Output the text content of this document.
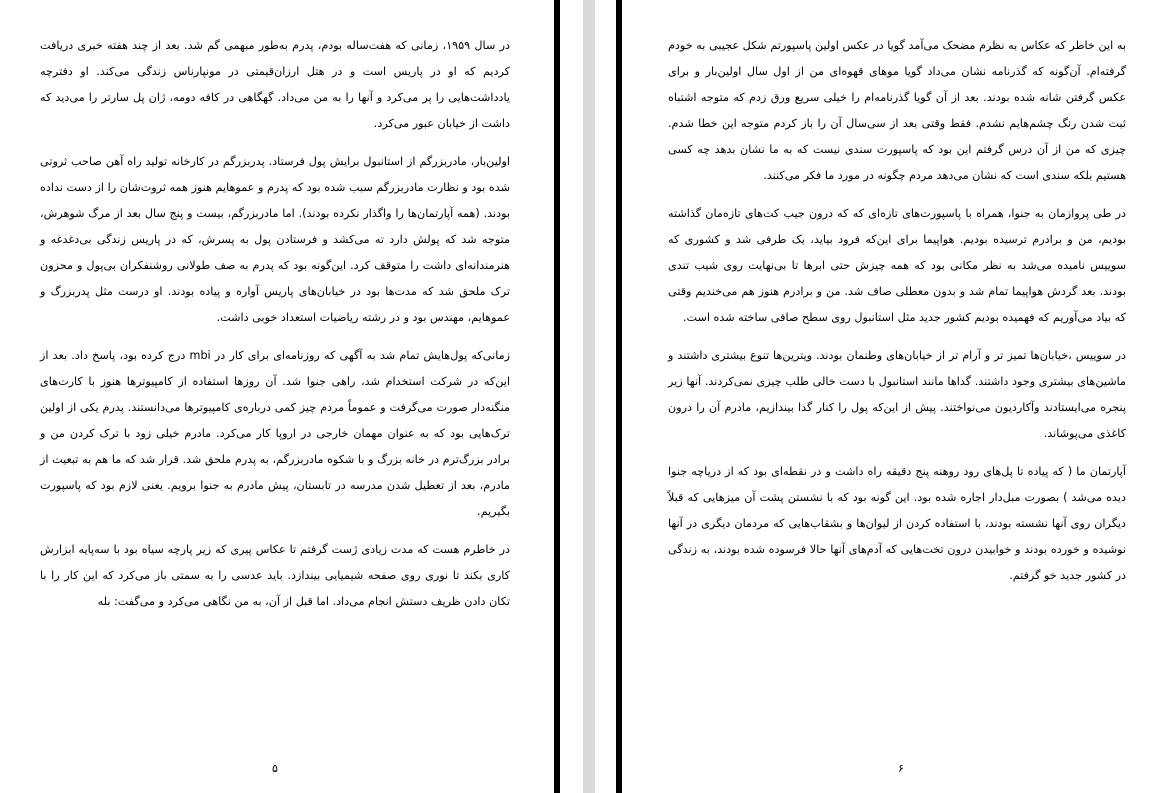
در سال ۱۹۵۹، زمانی که هفت‌ساله بودم، پدرم به‌طور مبهمی گم شد. بعد از چند هفته خبری دریافت کردیم که او در پاریس است و در هتل ارزان‌قیمتی در مونپارناس زندگی می‌کند. او دفترچه یادداشت‌هایی را پر می‌کرد و آنها را به من می‌داد. گهگاهی در کافه دومه، ژان پل سارتر را می‌دید که داشت از خیابان عبور می‌کرد.

اولین‌بار، مادربزرگم از استانبول برایش پول فرستاد. پدربزرگم در کارخانه تولید راه آهن صاحب ثروتی شده بود و نظارت مادربزرگم سبب شده بود که پدرم و عموهایم هنوز همه ثروت‌شان را از دست نداده بودند. (همه آپارتمان‌ها را واگذار نکرده بودند). اما مادربزرگم، بیست و پنج سال بعد از مرگ شوهرش، متوجه شد که پولش دارد ته می‌کشد و فرستادن پول به پسرش، که در پاریس زندگی بی‌دغدغه و هنرمندانه‌ای داشت را متوقف کرد. این‌گونه بود که پدرم به صف طولانی روشنفکران بی‌پول و محزون ترک ملحق شد که مدت‌ها بود در خیابان‌های پاریس آواره و پیاده بودند. او درست مثل پدربزرگ و عموهایم، مهندس بود و در رشته ریاضیات استعداد خوبی داشت.

زمانی‌که پول‌هایش تمام شد به آگهی که روزنامه‌ای برای کار در mbi درج کرده بود، پاسخ داد. بعد از این‌که در شرکت استخدام شد، راهی جنوا شد. آن روزها استفاده از کامپیوترها هنوز با کارت‌های منگنه‌دار صورت می‌گرفت و عموماً مردم چیز کمی درباره‌ی کامپیوترها می‌دانستند. پدرم یکی از اولین ترک‌هایی بود که به عنوان مهمان خارجی در اروپا کار می‌کرد. مادرم خیلی زود با ترک کردن من و برادر بزرگ‌ترم در خانه بزرگ و با شکوه مادربزرگم، به پدرم ملحق شد. قرار شد که ما هم به تبعیت از مادرم، بعد از تعطیل شدن مدرسه در تابستان، پیش مادرم به جنوا برویم. یعنی لازم بود که پاسپورت بگیریم.

در خاطرم هست که مدت زیادی ژست گرفتم تا عکاس پیری که زیر پارچه سیاه بود با سه‌پایه ابزارش کاری بکند تا نوری روی صفحه شیمیایی بیندازد. باید عدسی را به سمتی باز می‌کرد که این کار را با تکان دادن ظریف دستش انجام می‌داد. اما قبل از آن، به من نگاهی می‌کرد و می‌گفت: بله

۵

به این خاطر که عکاس به نظرم مضحک می‌آمد گویا در عکس اولین پاسپورتم شکل عجیبی به خودم گرفته‌ام. آن‌گونه که گذرنامه نشان می‌داد گویا موهای قهوه‌ای من از اول سال اولین‌بار و برای عکس گرفتن شانه شده بودند. بعد از آن گویا گذرنامه‌ام را خیلی سریع ورق زدم که متوجه اشتباه ثبت شدن رنگ چشم‌هایم نشدم. فقط وقتی بعد از سی‌سال آن را باز کردم متوجه این خطا شدم. چیزی که من از آن درس گرفتم این بود که پاسپورت سندی نیست که به ما نشان بدهد چه کسی هستیم بلکه سندی است که نشان می‌دهد مردم چگونه در مورد ما فکر می‌کنند.

در طی پروازمان به جنوا، همراه با پاسپورت‌های تازه‌ای که که درون جیب کت‌های تازه‌مان گذاشته بودیم، من و برادرم ترسیده بودیم. هواپیما برای این‌که فرود بیاید، یک طرفی شد و کشوری که سوییس نامیده می‌شد به نظر مکانی بود که همه چیزش حتی ابرها تا بی‌نهایت روی شیب تندی بودند. بعد گردش هواپیما تمام شد و بدون معطلی صاف شد. من و برادرم هنوز هم می‌خندیم وقتی که بیاد می‌آوریم که فهمیده بودیم کشور جدید مثل استانبول روی سطح صافی ساخته شده است.

در سوییس ،خیابان‌ها تمیز تر و آرام تر از خیابان‌های وطنمان بودند. ویترین‌ها تنوع بیشتری داشتند و ماشین‌های بیشتری وجود داشتند. گداها مانند استانبول با دست خالی طلب چیزی نمی‌کردند. آنها زیر پنجره می‌ایستادند وآکاردیون می‌نواختند. پیش از این‌که پول را کنار گدا بیندازیم، مادرم آن را درون کاغذی می‌پوشاند.

آپارتمان ما ( که پیاده تا پل‌های رود روهنه پنج دقیقه راه داشت و در نقطه‌ای بود که از دریاچه جنوا دیده می‌شد ) بصورت مبل‌دار اجاره شده بود. این گونه بود که با نشستن پشت آن میزهایی که قبلاً دیگران روی آنها نشسته بودند، با استفاده کردن از لیوان‌ها و بشقاب‌هایی که مردمان دیگری در آنها نوشیده و خورده بودند و خوابیدن درون تخت‌هایی که آدم‌های آنها حالا فرسوده شده بودند، به زندگی در کشور جدید خو گرفتم.

۶
